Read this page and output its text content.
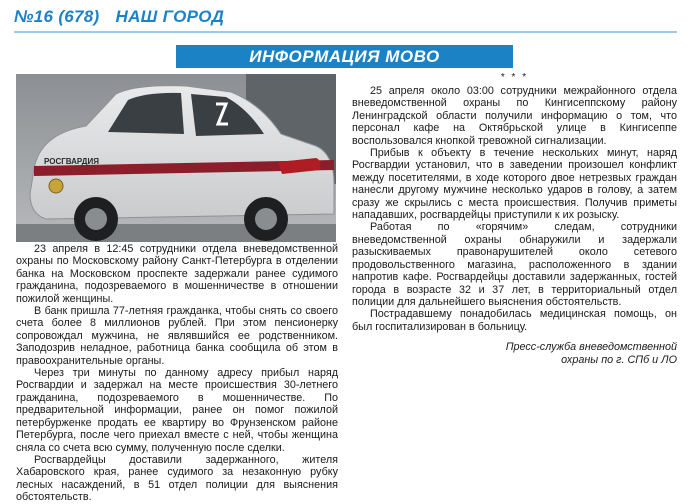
№16 (678) НАШ ГОРОД
ИНФОРМАЦИЯ МОВО
РОСГВАРДИЯ

23 апреля в 12:45 сотрудники отдела вневедомственной охраны по Московскому району Санкт-Петербурга в отделении банка на Московском проспекте задержали ранее судимого гражданина, подозреваемого в мошенничестве в отношении пожилой женщины.

В банк пришла 77-летняя гражданка, чтобы снять со своего счета более 8 миллионов рублей. При этом пенсионерку сопровождал мужчина, не являвшийся ее родственником. Заподозрив неладное, работница банка сообщила об этом в правоохранительные органы.

Через три минуты по данному адресу прибыл наряд Росгвардии и задержал на месте происшествия 30-летнего гражданина, подозреваемого в мошенничестве. По предварительной информации, ранее он помог пожилой петербурженке продать ее квартиру во Фрунзенском районе Петербурга, после чего приехал вместе с ней, чтобы женщина сняла со счета всю сумму, полученную после сделки.

Росгвардейцы доставили задержанного, жителя Хабаровского края, ранее судимого за незаконную рубку лесных насаждений, в 51 отдел полиции для выяснения обстоятельств.

* * *

25 апреля около 03:00 сотрудники межрайонного отдела вневедомственной охраны по Кингисеппскому району Ленинградской области получили информацию о том, что персонал кафе на Октябрьской улице в Кингисеппе воспользовался кнопкой тревожной сигнализации.

Прибыв к объекту в течение нескольких минут, наряд Росгвардии установил, что в заведении произошел конфликт между посетителями, в ходе которого двое нетрезвых граждан нанесли другому мужчине несколько ударов в голову, а затем сразу же скрылись с места происшествия. Получив приметы нападавших, росгвардейцы приступили к их розыску.

Работая по «горячим» следам, сотрудники вневедомственной охраны обнаружили и задержали разыскиваемых правонарушителей около сетевого продовольственного магазина, расположенного в здании напротив кафе. Росгвардейцы доставили задержанных, гостей города в возрасте 32 и 37 лет, в территориальный отдел полиции для дальнейшего выяснения обстоятельств.

Пострадавшему понадобилась медицинская помощь, он был госпитализирован в больницу.

Пресс-служба вневедомственной
охраны по г. СПб и ЛО
